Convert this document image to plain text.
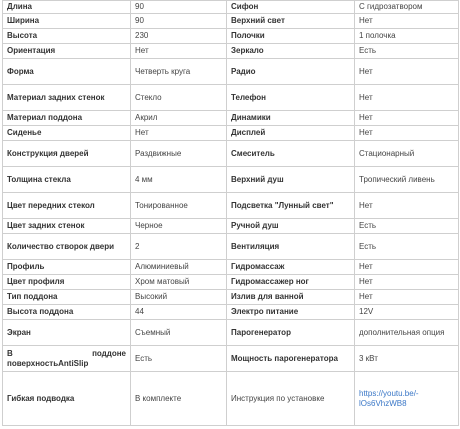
Длина	90	Сифон	С гидрозатвором
Ширина	90	Верхний свет	Нет
Высота	230	Полочки	1 полочка
Ориентация	Нет	Зеркало	Есть
Форма	Четверть круга	Радио	Нет
Материал задних стенок	Стекло	Телефон	Нет
Материал поддона	Акрил	Динамики	Нет
Сиденье	Нет	Дисплей	Нет
Конструкция дверей	Раздвижные	Смеситель	Стационарный
Толщина стекла	4 мм	Верхний душ	Тропический ливень
Цвет передних стекол	Тонированное	Подсветка "Лунный свет"	Нет
Цвет задних стенок	Черное	Ручной душ	Есть
Количество створок двери	2	Вентиляция	Есть
Профиль	Алюминиевый	Гидромассаж	Нет
Цвет профиля	Хром матовый	Гидромассажер ног	Нет
Тип поддона	Высокий	Излив для ванной	Нет
Высота поддона	44	Электро питание	12V
Экран	Съемный	Парогенератор	дополнительная опция
В поддоне поверхностьAntiSlip	Есть	Мощность парогенератора	3 кВт
Гибкая подводка	В комплекте	Инструкция по установке	https://youtu.be/-lOs6VhzWB8
